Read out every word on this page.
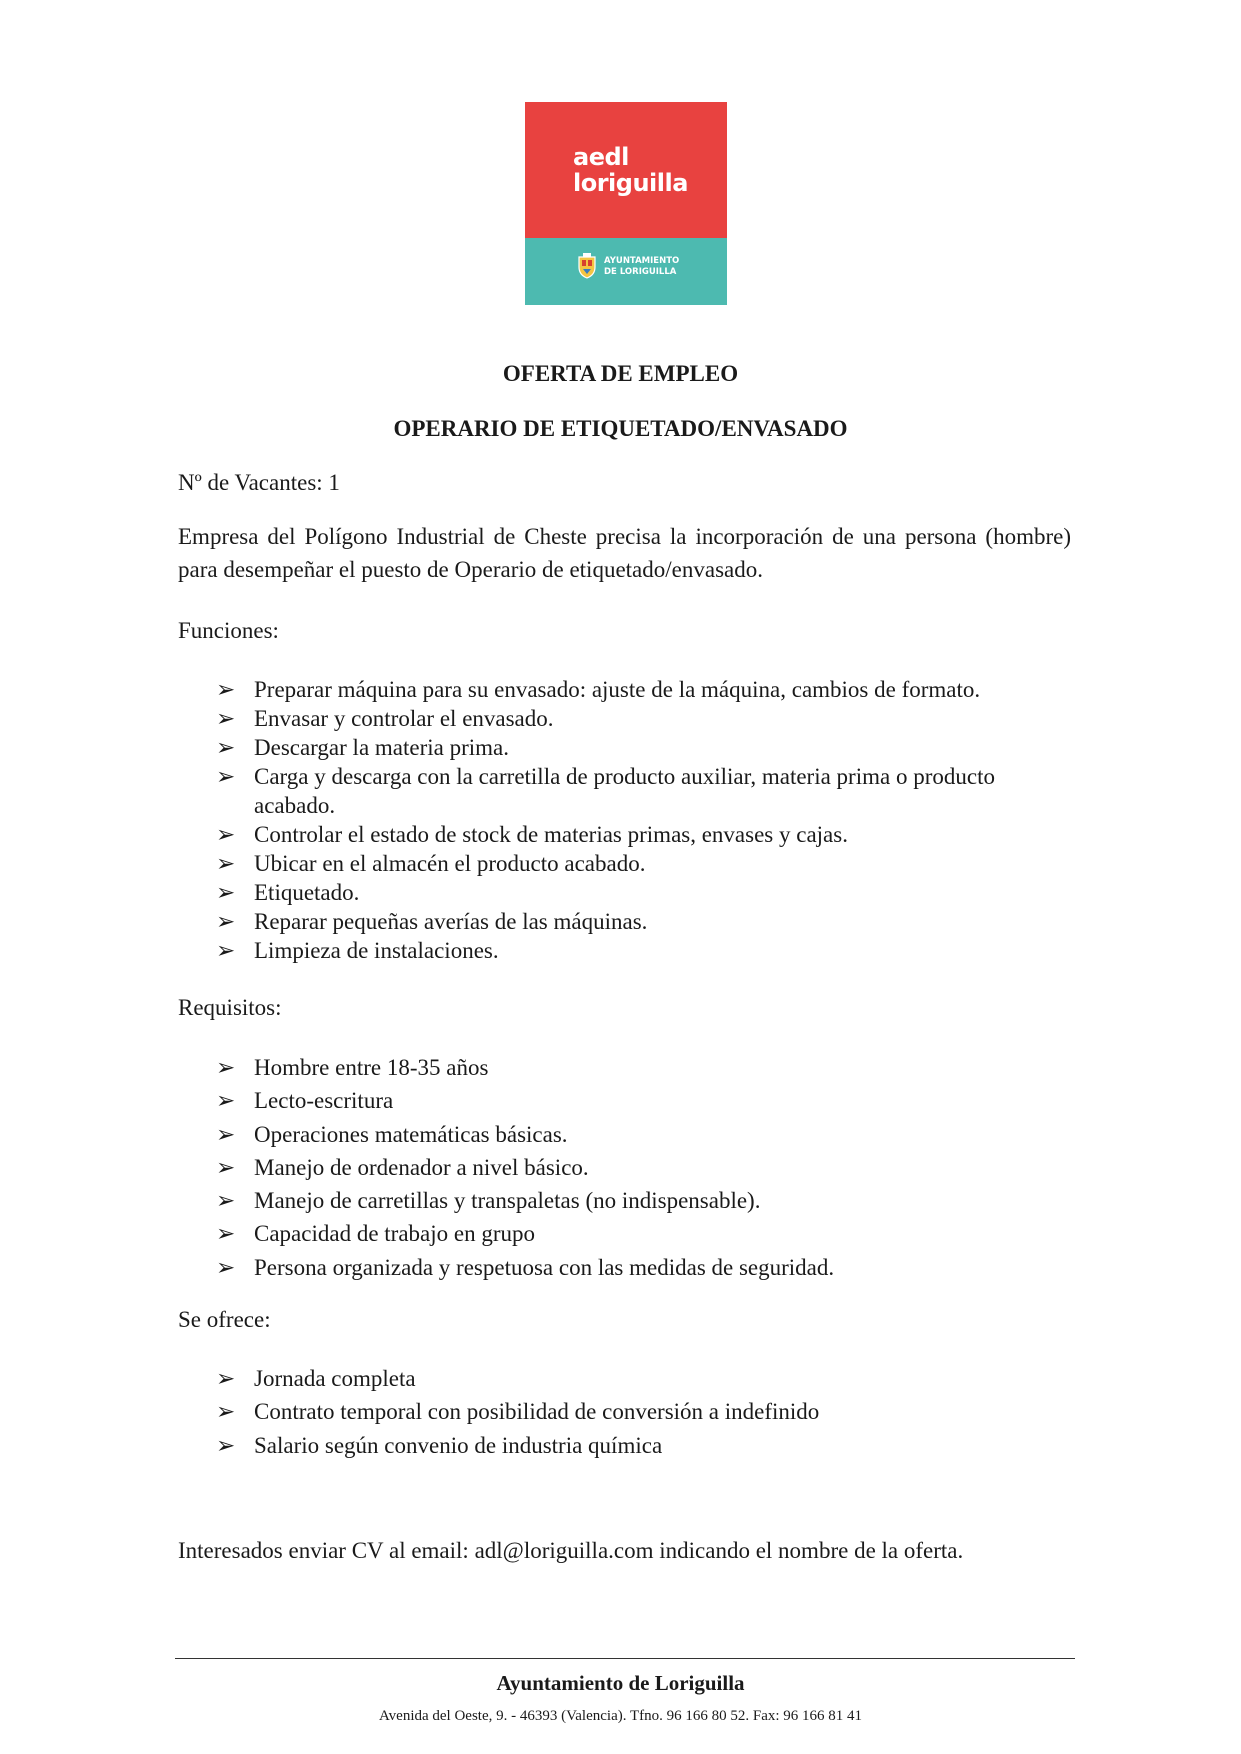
aedl
loriguilla
AYUNTAMIENTO
DE LORIGUILLA
OFERTA DE EMPLEO
OPERARIO DE ETIQUETADO/ENVASADO
Nº de Vacantes: 1
Empresa del Polígono Industrial de Cheste precisa la incorporación de una persona (hombre) para desempeñar el puesto de Operario de etiquetado/envasado.
Funciones:
➢ Preparar máquina para su envasado: ajuste de la máquina, cambios de formato.
➢ Envasar y controlar el envasado.
➢ Descargar la materia prima.
➢ Carga y descarga con la carretilla de producto auxiliar, materia prima o producto acabado.
➢ Controlar el estado de stock de materias primas, envases y cajas.
➢ Ubicar en el almacén el producto acabado.
➢ Etiquetado.
➢ Reparar pequeñas averías de las máquinas.
➢ Limpieza de instalaciones.
Requisitos:
➢ Hombre entre 18-35 años
➢ Lecto-escritura
➢ Operaciones matemáticas básicas.
➢ Manejo de ordenador a nivel básico.
➢ Manejo de carretillas y transpaletas (no indispensable).
➢ Capacidad de trabajo en grupo
➢ Persona organizada y respetuosa con las medidas de seguridad.
Se ofrece:
➢ Jornada completa
➢ Contrato temporal con posibilidad de conversión a indefinido
➢ Salario según convenio de industria química
Interesados enviar CV al email: adl@loriguilla.com indicando el nombre de la oferta.
Ayuntamiento de Loriguilla
Avenida del Oeste, 9. - 46393 (Valencia). Tfno. 96 166 80 52. Fax: 96 166 81 41
